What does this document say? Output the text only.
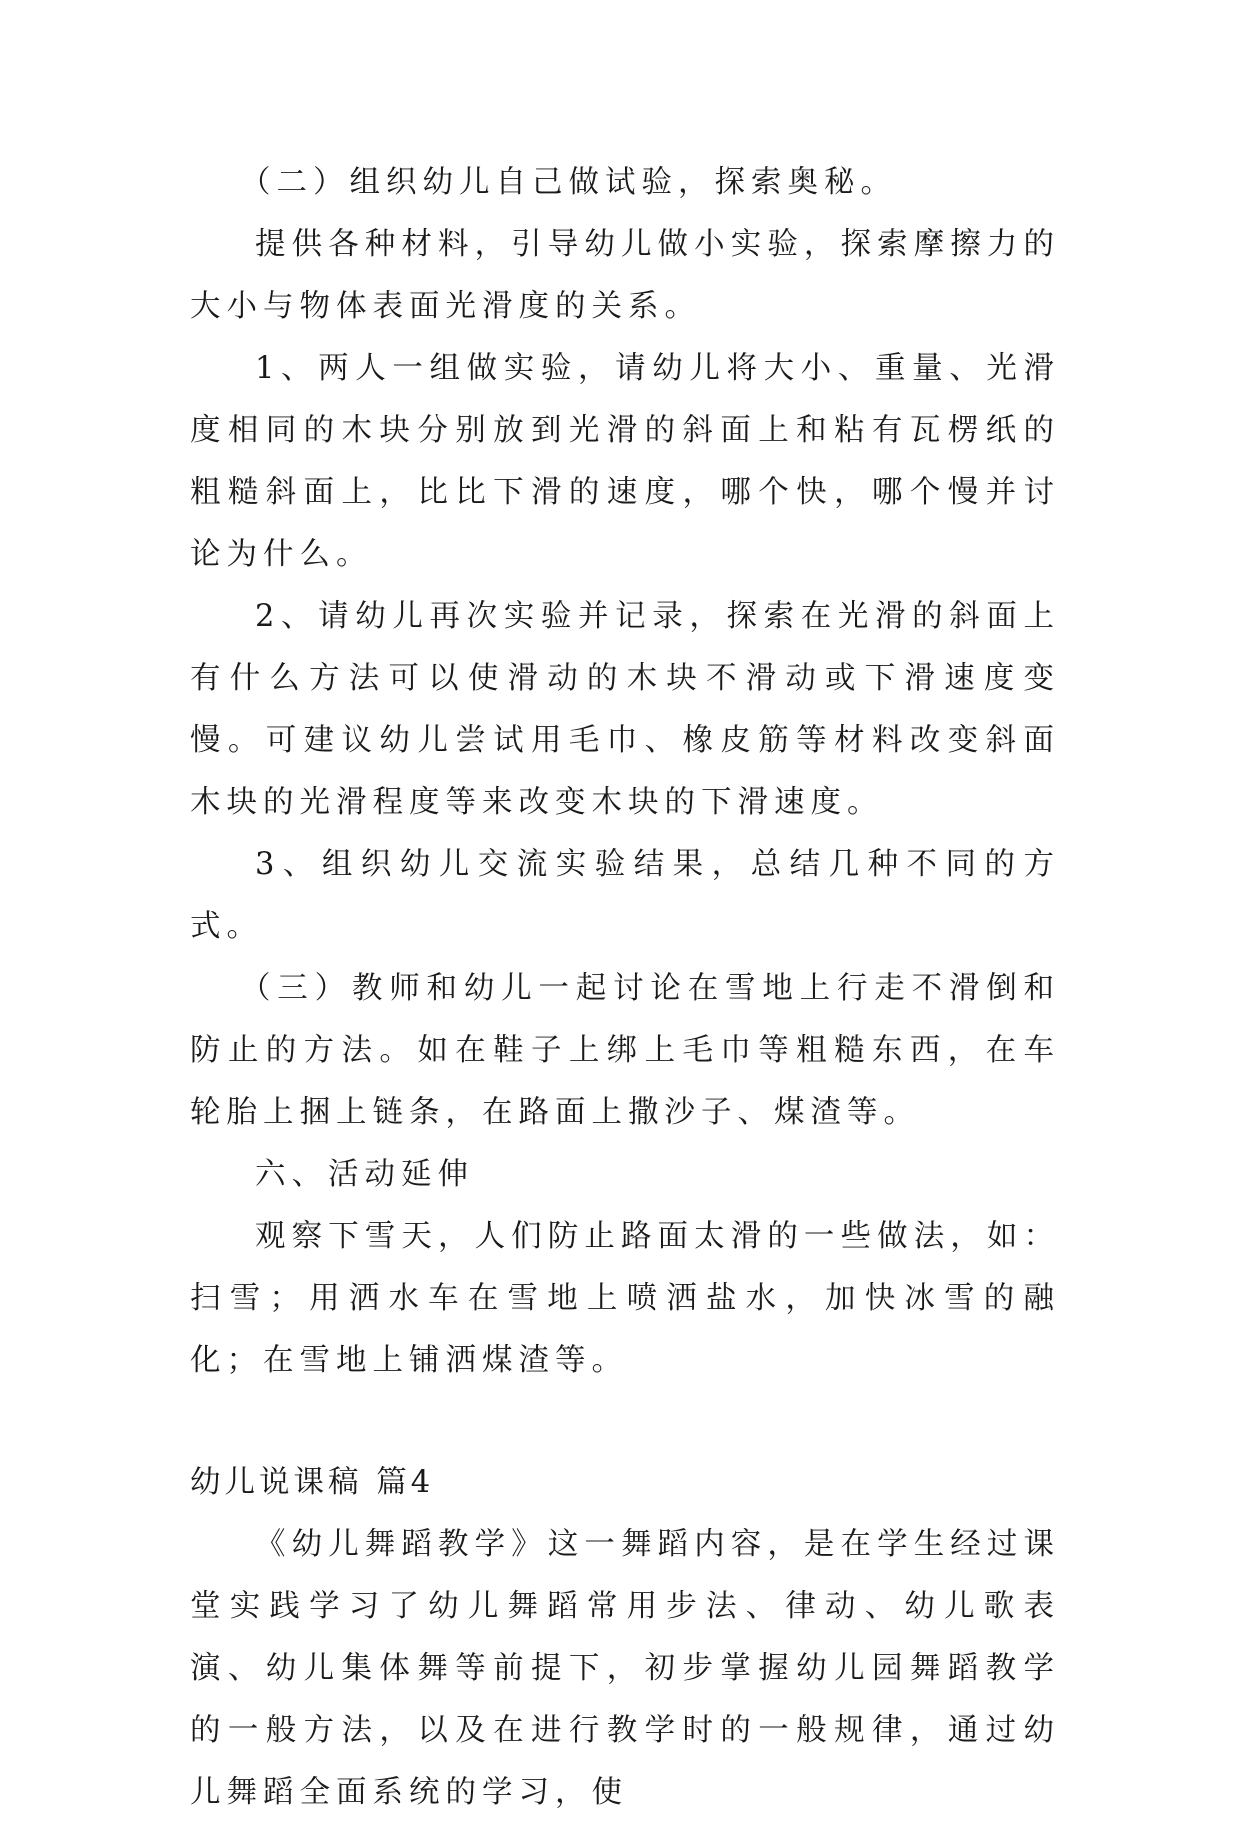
（二）组织幼儿自己做试验，探索奥秘。

提供各种材料，引导幼儿做小实验，探索摩擦力的大小与物体表面光滑度的关系。

1、两人一组做实验，请幼儿将大小、重量、光滑度相同的木块分别放到光滑的斜面上和粘有瓦楞纸的粗糙斜面上，比比下滑的速度，哪个快，哪个慢并讨论为什么。

2、请幼儿再次实验并记录，探索在光滑的斜面上有什么方法可以使滑动的木块不滑动或下滑速度变慢。可建议幼儿尝试用毛巾、橡皮筋等材料改变斜面木块的光滑程度等来改变木块的下滑速度。

3、组织幼儿交流实验结果，总结几种不同的方式。

（三）教师和幼儿一起讨论在雪地上行走不滑倒和防止的方法。如在鞋子上绑上毛巾等粗糙东西，在车轮胎上捆上链条，在路面上撒沙子、煤渣等。

六、活动延伸

观察下雪天，人们防止路面太滑的一些做法，如：扫雪；用洒水车在雪地上喷洒盐水，加快冰雪的融化；在雪地上铺洒煤渣等。

幼儿说课稿 篇4

《幼儿舞蹈教学》这一舞蹈内容，是在学生经过课堂实践学习了幼儿舞蹈常用步法、律动、幼儿歌表演、幼儿集体舞等前提下，初步掌握幼儿园舞蹈教学的一般方法，以及在进行教学时的一般规律，通过幼儿舞蹈全面系统的学习，使
